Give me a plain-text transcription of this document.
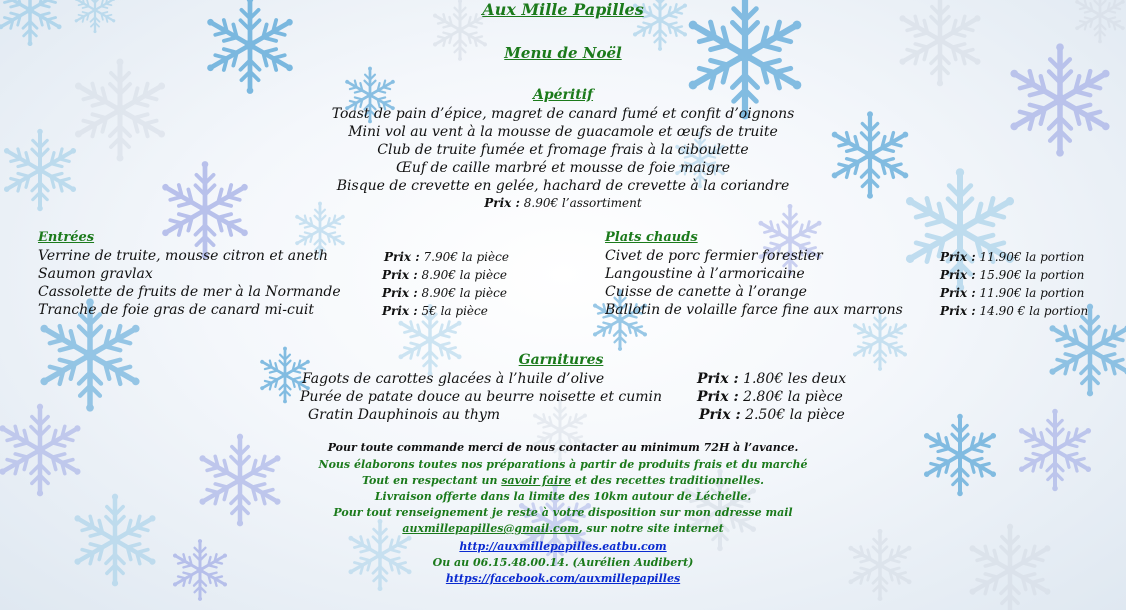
Aux Mille Papilles
Menu de Noël
Apéritif
Toast de pain d’épice, magret de canard fumé et confit d’oignons
Mini vol au vent à la mousse de guacamole et œufs de truite
Club de truite fumée et fromage frais à la ciboulette
Œuf de caille marbré et mousse de foie maigre
Bisque de crevette en gelée, hachard de crevette à la coriandre
Prix : 8.90€ l’assortiment
Entrées
Verrine de truite, mousse citron et aneth
Saumon gravlax
Cassolette de fruits de mer à la Normande
Tranche de foie gras de canard mi-cuit
Prix : 7.90€ la pièce
Prix : 8.90€ la pièce
Prix : 8.90€ la pièce
Prix : 5€ la pièce
Plats chauds
Civet de porc fermier forestier
Langoustine à l’armoricaine
Cuisse de canette à l’orange
Ballotin de volaille farce fine aux marrons
Prix : 11.90€ la portion
Prix : 15.90€ la portion
Prix : 11.90€ la portion
Prix : 14.90 € la portion
Garnitures
Fagots de carottes glacées à l’huile d’olive
Purée de patate douce au beurre noisette et cumin
Gratin Dauphinois au thym
Prix : 1.80€ les deux
Prix : 2.80€ la pièce
Prix : 2.50€ la pièce
Pour toute commande merci de nous contacter au minimum 72H à l’avance.
Nous élaborons toutes nos préparations à partir de produits frais et du marché
Tout en respectant un savoir faire et des recettes traditionnelles.
Livraison offerte dans la limite des 10km autour de Léchelle.
Pour tout renseignement je reste à votre disposition sur mon adresse mail
auxmillepapilles@gmail.com, sur notre site internet
http://auxmillepapilles.eatbu.com
Ou au 06.15.48.00.14. (Aurélien Audibert)
https://facebook.com/auxmillepapilles
